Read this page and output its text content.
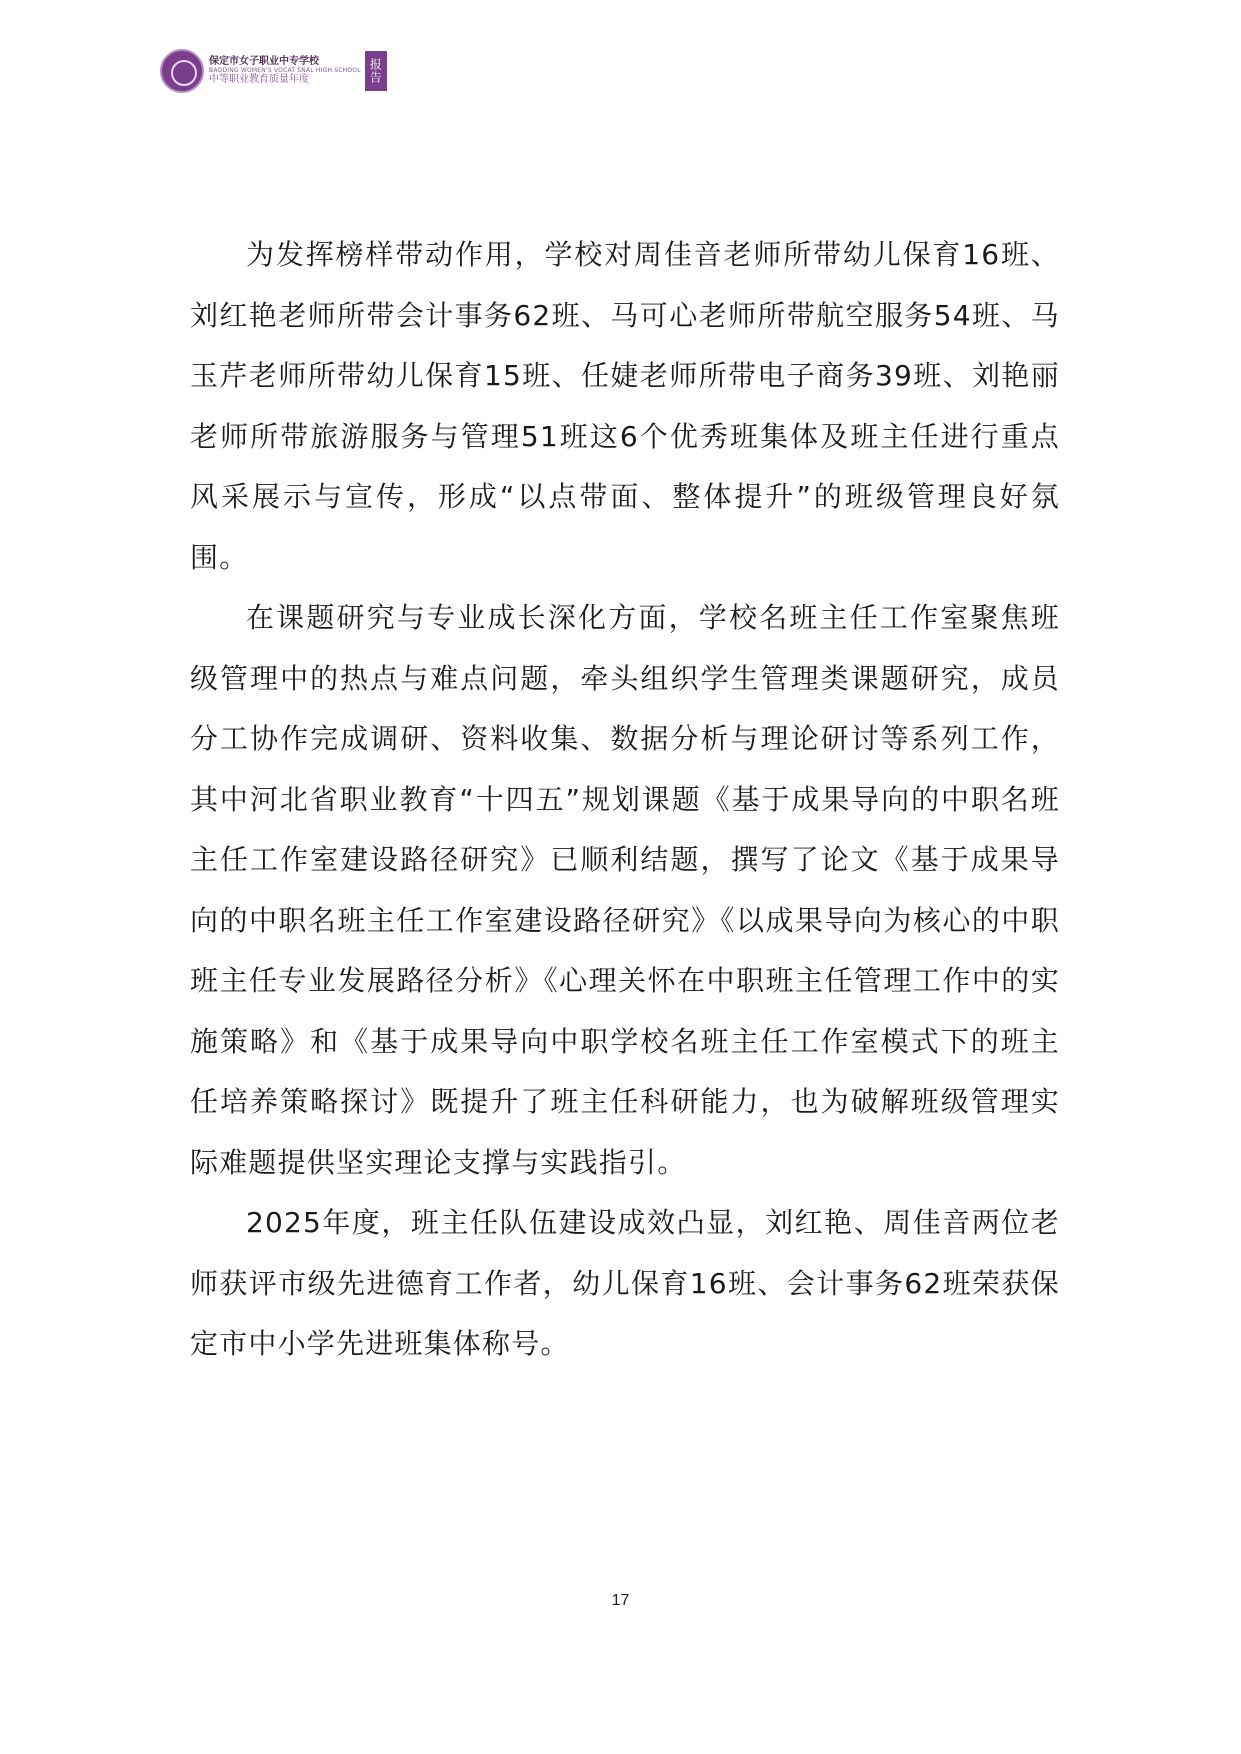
保定市女子职业中专学校
BAODING WOMEN'S VOCAT SNAL HIGH SCHOOL
中等职业教育质量年度	报告

为发挥榜样带动作用，学校对周佳音老师所带幼儿保育16班、刘红艳老师所带会计事务62班、马可心老师所带航空服务54班、马玉芹老师所带幼儿保育15班、任婕老师所带电子商务39班、刘艳丽老师所带旅游服务与管理51班这6个优秀班集体及班主任进行重点风采展示与宣传，形成“以点带面、整体提升”的班级管理良好氛围。

在课题研究与专业成长深化方面，学校名班主任工作室聚焦班级管理中的热点与难点问题，牵头组织学生管理类课题研究，成员分工协作完成调研、资料收集、数据分析与理论研讨等系列工作，其中河北省职业教育“十四五”规划课题《基于成果导向的中职名班主任工作室建设路径研究》已顺利结题，撰写了论文《基于成果导向的中职名班主任工作室建设路径研究》《以成果导向为核心的中职班主任专业发展路径分析》《心理关怀在中职班主任管理工作中的实施策略》和《基于成果导向中职学校名班主任工作室模式下的班主任培养策略探讨》既提升了班主任科研能力，也为破解班级管理实际难题提供坚实理论支撑与实践指引。

2025年度，班主任队伍建设成效凸显，刘红艳、周佳音两位老师获评市级先进德育工作者，幼儿保育16班、会计事务62班荣获保定市中小学先进班集体称号。

17
